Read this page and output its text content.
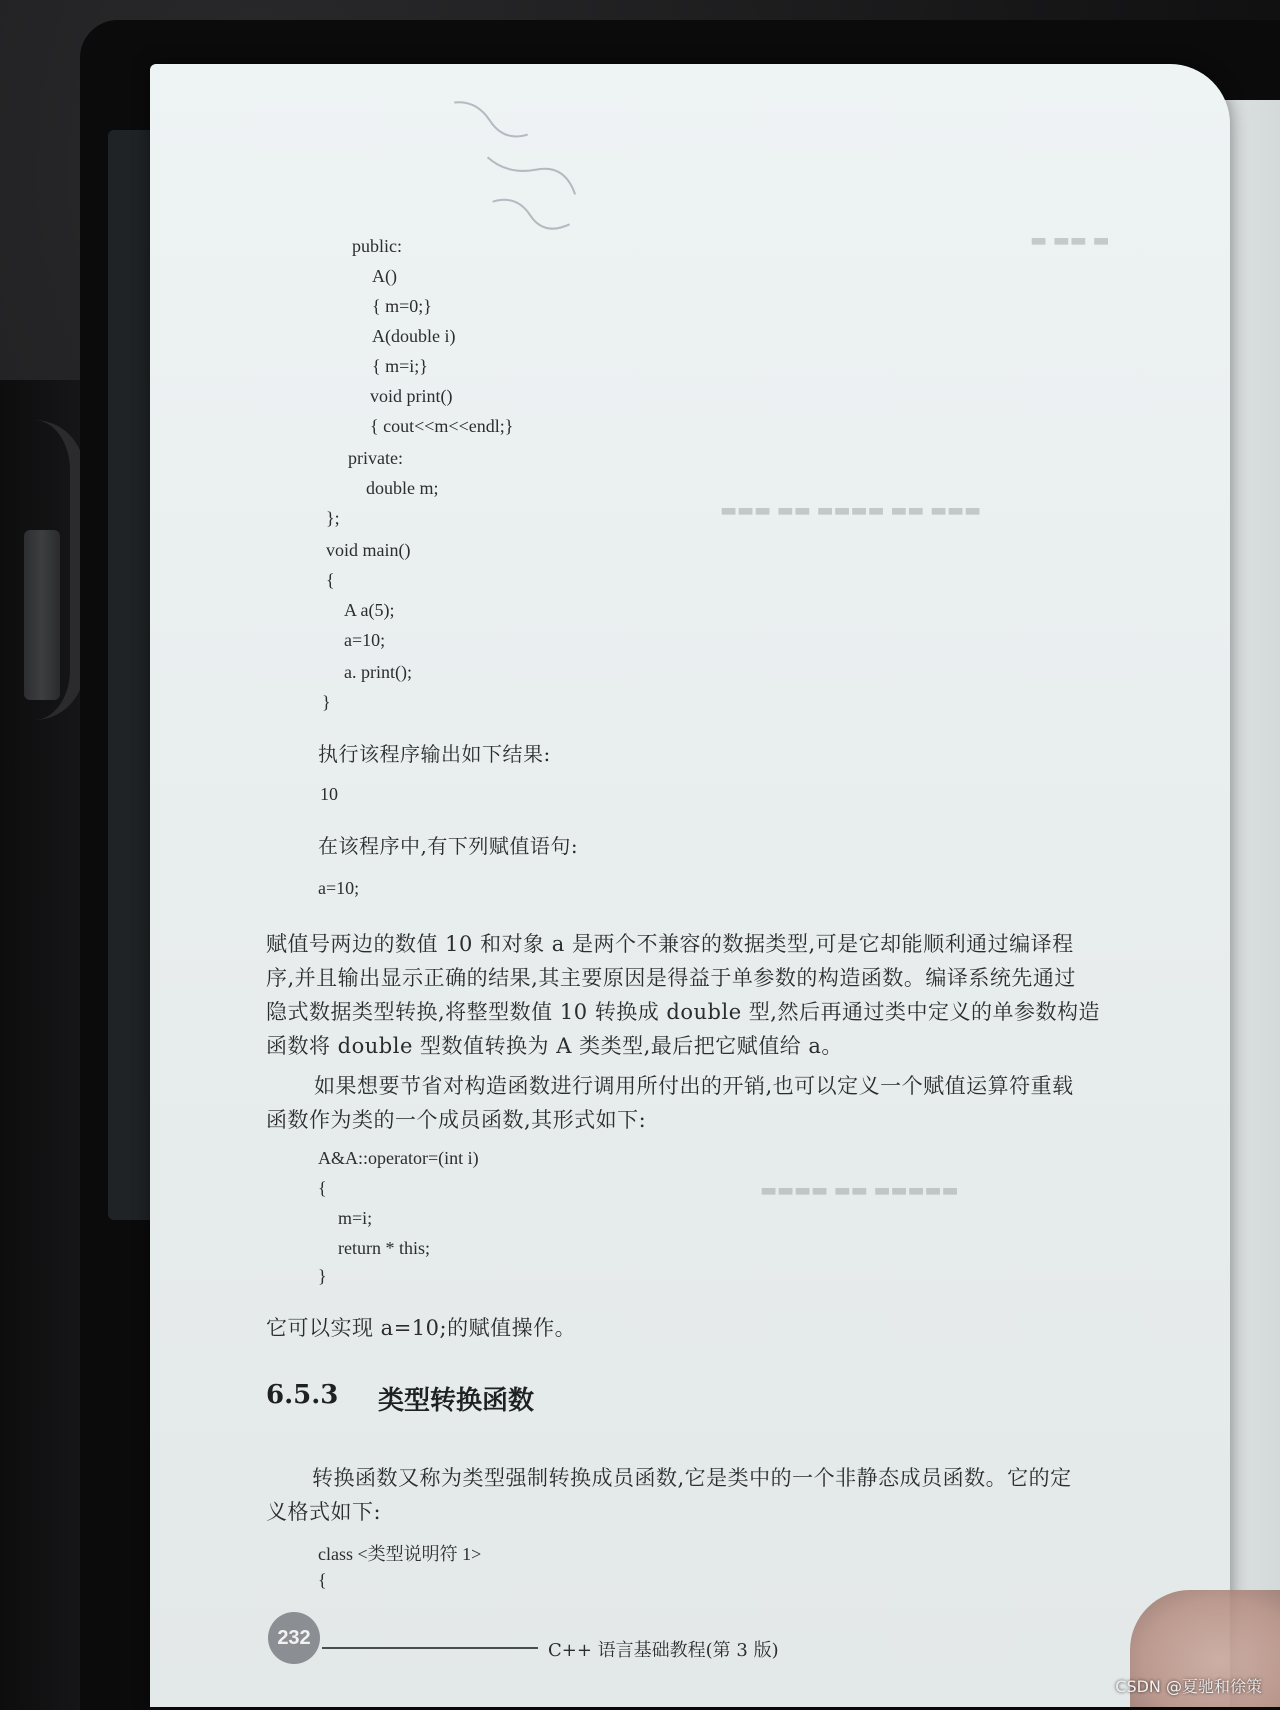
▬ ▬▬ ▬
▬▬▬ ▬▬ ▬▬▬▬ ▬▬ ▬▬▬
▬▬▬▬ ▬▬ ▬▬▬▬▬
public:
A()
{ m=0;}
A(double i)
{ m=i;}
void print()
{ cout<<m<<endl;}
private:
double m;
};
void main()
{
A a(5);
a=10;
a. print();
}
执行该程序输出如下结果:
10
在该程序中,有下列赋值语句:
a=10;
赋值号两边的数值 10 和对象 a 是两个不兼容的数据类型,可是它却能顺利通过编译程
序,并且输出显示正确的结果,其主要原因是得益于单参数的构造函数。编译系统先通过
隐式数据类型转换,将整型数值 10 转换成 double 型,然后再通过类中定义的单参数构造
函数将 double 型数值转换为 A 类类型,最后把它赋值给 a。
如果想要节省对构造函数进行调用所付出的开销,也可以定义一个赋值运算符重载
函数作为类的一个成员函数,其形式如下:
A&A::operator=(int i)
{
m=i;
return * this;
}
它可以实现 a=10;的赋值操作。
6.5.3 类型转换函数
转换函数又称为类型强制转换成员函数,它是类中的一个非静态成员函数。它的定
义格式如下:
class <类型说明符 1>
{
232
C++ 语言基础教程(第 3 版)
CSDN @夏驰和徐策
